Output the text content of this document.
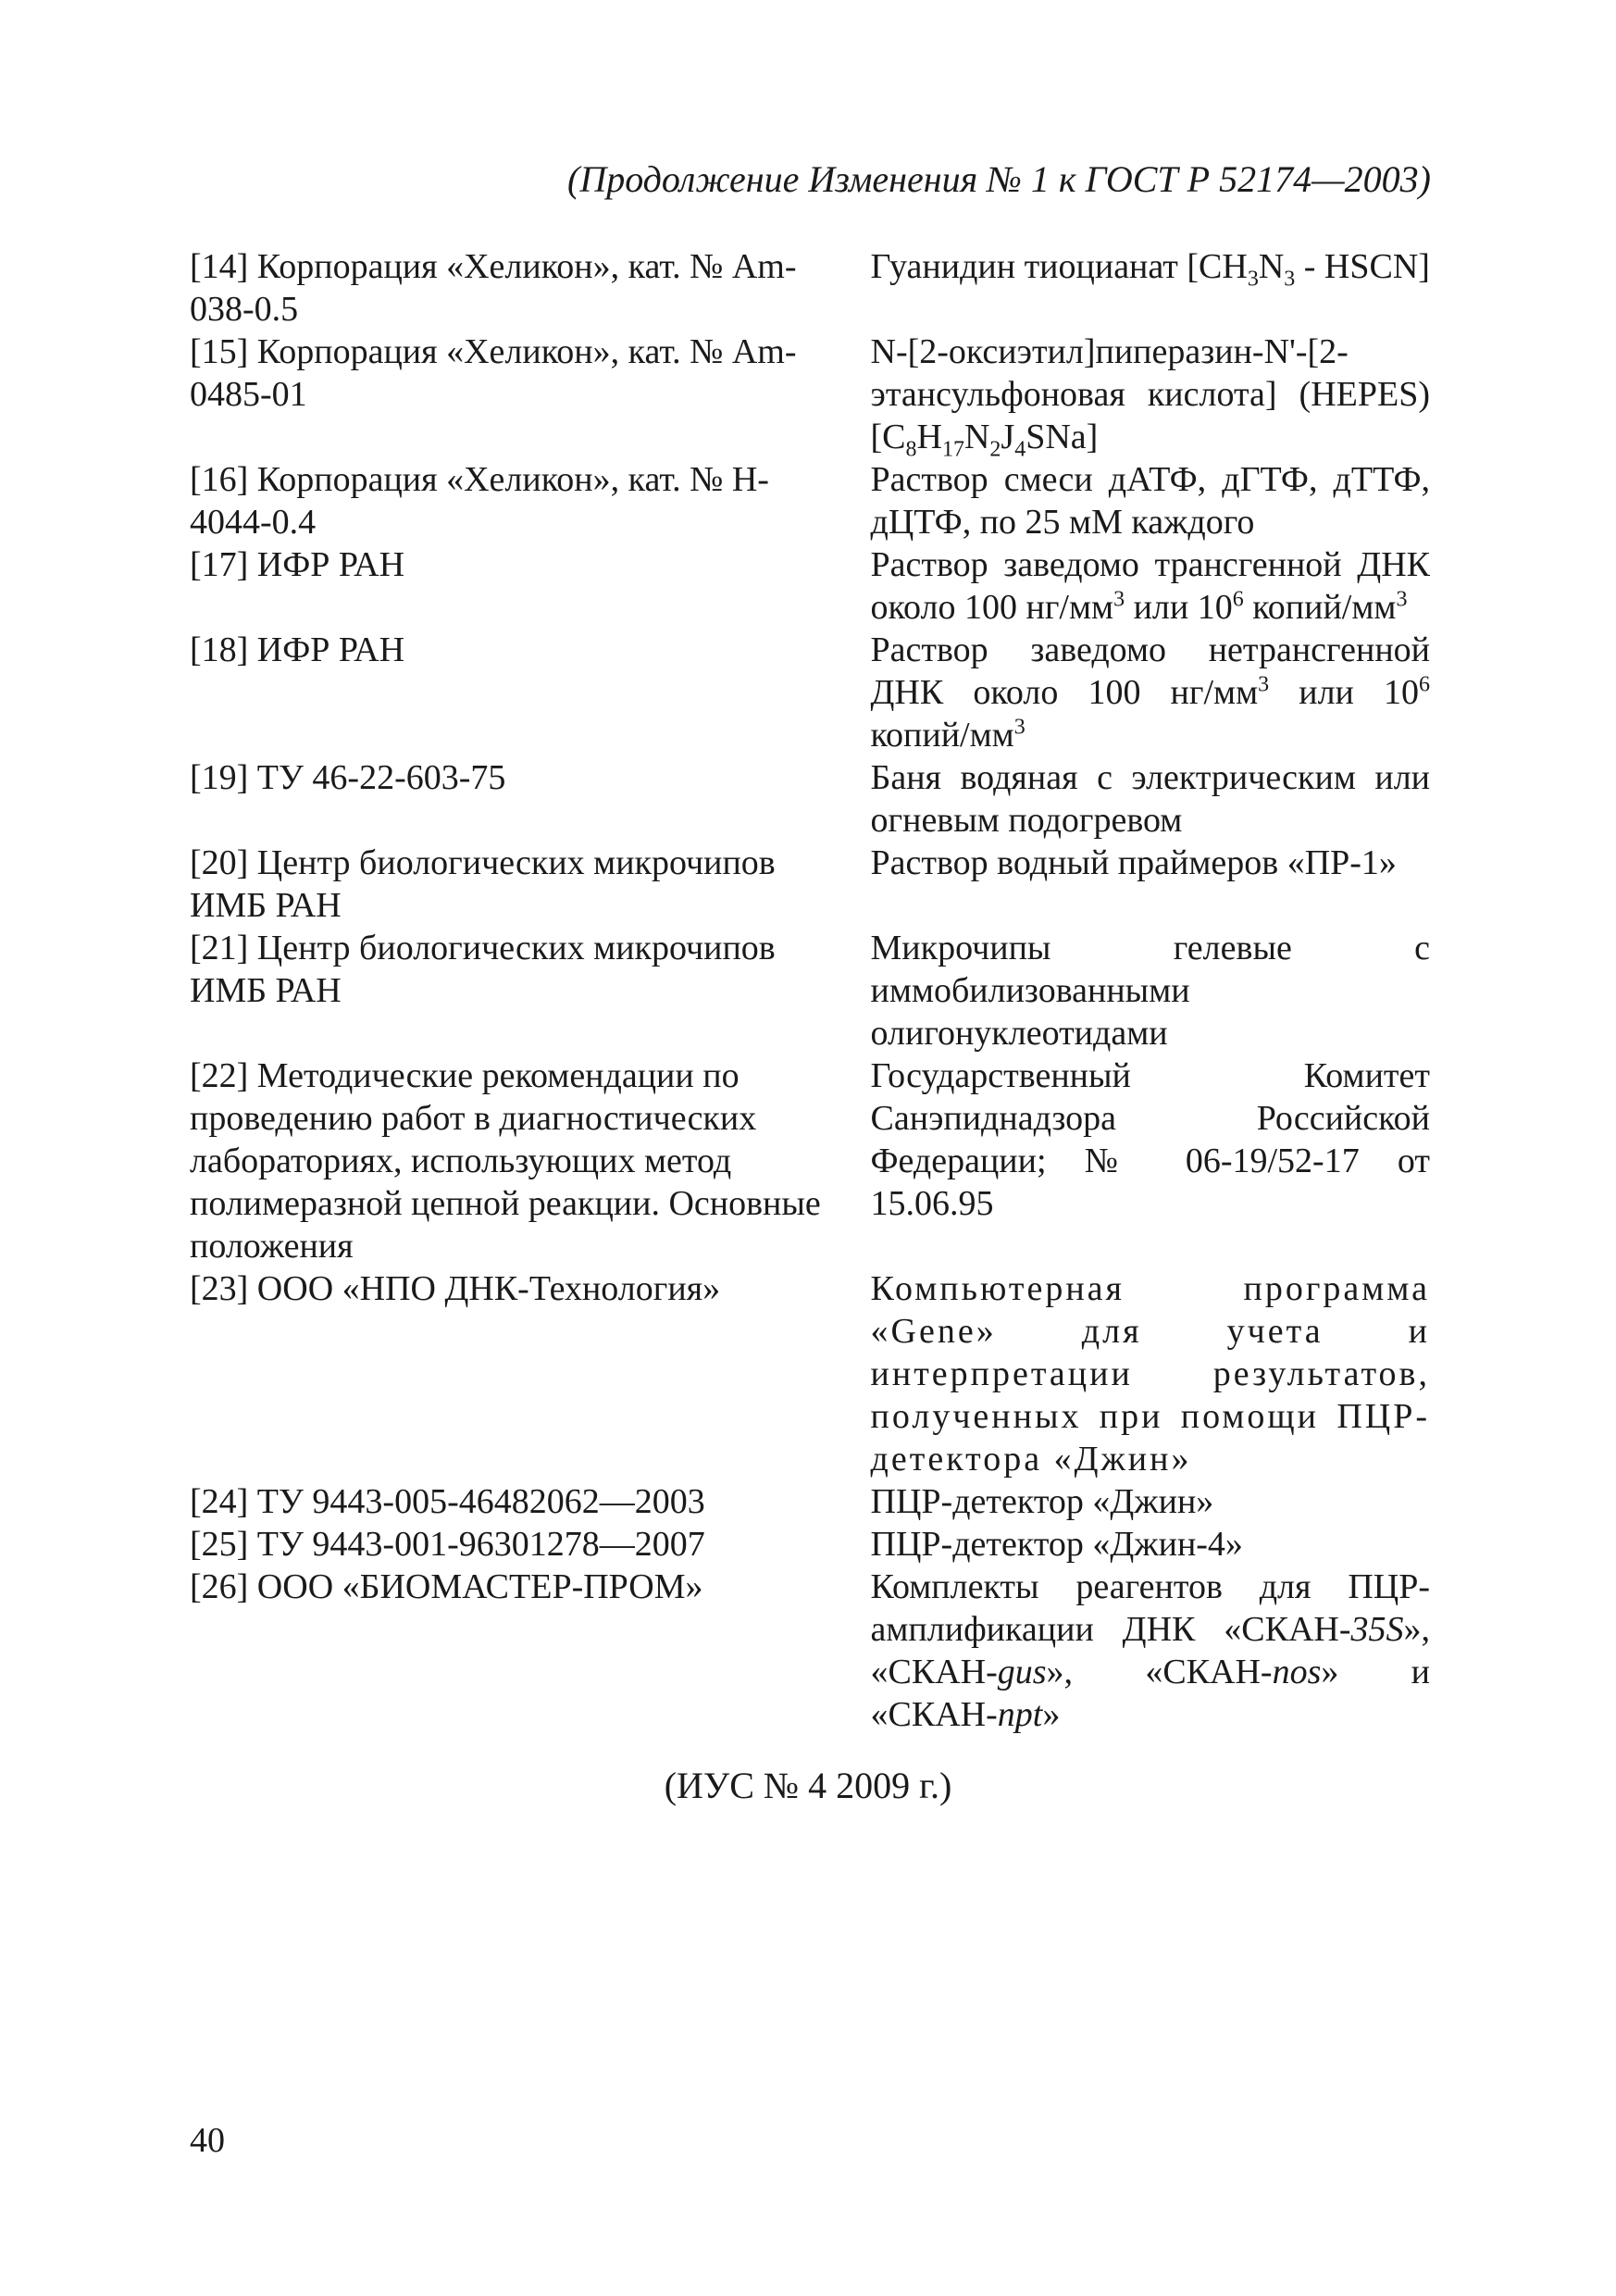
(Продолжение Изменения № 1 к ГОСТ Р 52174—2003)
[14] Корпорация «Хеликон», кат. № Am-038-0.5	Гуанидин тиоцианат [$CH_3N_3$ - HSCN]
[15] Корпорация «Хеликон», кат. № Am-0485-01	N-[2-оксиэтил]пиперазин-N'-[2-этансульфоновая кислота] (HEPES) $[C_8H_{17}N_2J_4SNa]$
[16] Корпорация «Хеликон», кат. № H-4044-0.4	Раствор смеси дАТФ, дГТФ, дТТФ, дЦТФ, по 25 мМ каждого
[17] ИФР РАН	Раствор заведомо трансгенной ДНК около 100 $нг/мм^3$ или $10^6$ копий/$мм^3$
[18] ИФР РАН	Раствор заведомо нетрансгенной ДНК около 100 $нг/мм^3$ или $10^6$ копий/$мм^3$
[19] ТУ 46-22-603-75	Баня водяная с электрическим или огневым подогревом
[20] Центр биологических микрочипов ИМБ РАН	Раствор водный праймеров «ПР-1»
[21] Центр биологических микрочипов ИМБ РАН	Микрочипы гелевые с иммобилизованными олигонуклеотидами
[22] Методические рекомендации по проведению работ в диагностических лабораториях, использующих метод полимеразной цепной реакции. Основные положения	Государственный Комитет Санэпиднадзора Российской Федерации; № 06-19/52-17 от 15.06.95
[23] ООО «НПО ДНК-Технология»	Компьютерная программа «Gene» для учета и интерпретации результатов, полученных при помощи ПЦР-детектора «Джин»
[24] ТУ 9443-005-46482062—2003	ПЦР-детектор «Джин»
[25] ТУ 9443-001-96301278—2007	ПЦР-детектор «Джин-4»
[26] ООО «БИОМАСТЕР-ПРОМ»	Комплекты реагентов для ПЦР-амплификации ДНК «СКАН-35S», «СКАН-gus», «СКАН-nos» и «СКАН-npt»
(ИУС № 4 2009 г.)
40
